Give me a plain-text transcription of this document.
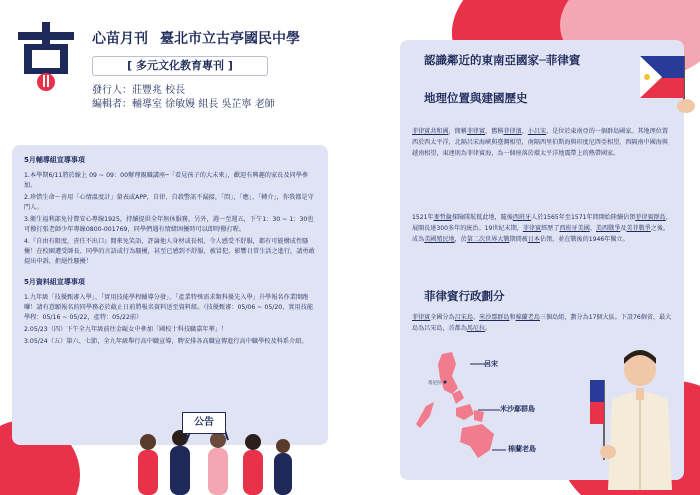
心苗月刊 臺北市立古亭國民中學
[ 多元文化教育專刊 ]
發行人：莊豐兆 校長
編輯者：輔導室 徐敏嫚 組長 吳芷寧 老師
5月輔導組宣導事項

1.本學期6/11將於線上 09 ~ 09：00辦理親職講座─「看見孩子的大未來」，歡迎有興趣的家長及同學參加。

2.珍惜生命～善用「心情溫度計」量表或APP，自律、自殺警訊不漏接，「問」、「應」、「轉介」，你我都是守門人。

3.衛生福利部免付費安心專線1925，持續提供全年無休服務，另外，週一至週五，下午1：30 ~ 1：30也可撥打張老師少年專線0800-001769，同學們遇有情緒困擾時可以即時撥打喔。

4.『自由有限度，責任不出口』閒來免笑語，評論他人身材或長相，令人感受不舒服，都有可能構成性騷擾！在校園遭受師長、同學的言語或行為騷擾，甚至已感到不舒服、被冒犯、影響日常生活之進行，請勇敢提出申訴，拒絕性騷擾！

5月資料組宣導事項

1.九年級「技優甄審入學」、「實用技能學程輔導分發」、「產業特殊需求類科優先入學」升學報名作業開跑囉！請有意願報名的同學務必於截止日前將報名資料送至資料組。（技優甄審：05/06 ~ 05/20、實用技能學程：05/16 ~ 05/22，產特：05/22前）

2.05/23（四）下午全九年級前往金甌女中參加「國校十科技職嘉年華」！

3.05/24（五）第六、七節，全九年級舉行高中職宣導，聘安排各高職宣傳進行高中職學校及科系介紹。

公告
認識鄰近的東南亞國家─菲律賓
地理位置與建國歷史
菲律賓共和國，簡稱菲律賓，舊稱菲律濱、小呂宋，是位於東南亞的一個群島國家。其地理位置西於西太平洋，北隔呂宋海峽與臺灣相望，南隔西里伯斯海與印度尼西亞相望，西隔南中國海與越南相望，東連則為菲律賓海，為一個座落於環太平洋地震帶上的熱帶國家。
1521年麥哲倫探險隊航抵此地，隨後西班牙人於1565年至1571年間開始陸續佔領菲律賓群島，展開長達300多年的統治。19世紀末期，菲律賓經歷了西班牙美國、美西戰爭及美菲戰爭之後，成為美國殖民地，於第二次世界大戰期間被日本佔領，並在戰後的1946年獨立。
菲律賓行政劃分
菲律賓全國分為呂宋島、米沙鄢群島和棉蘭老島三個島組，劃分為17個大區。下設76個省，最大島為呂宋島，首都為馬尼拉。
呂宋
馬尼拉
米沙鄢群島
棉蘭老島
